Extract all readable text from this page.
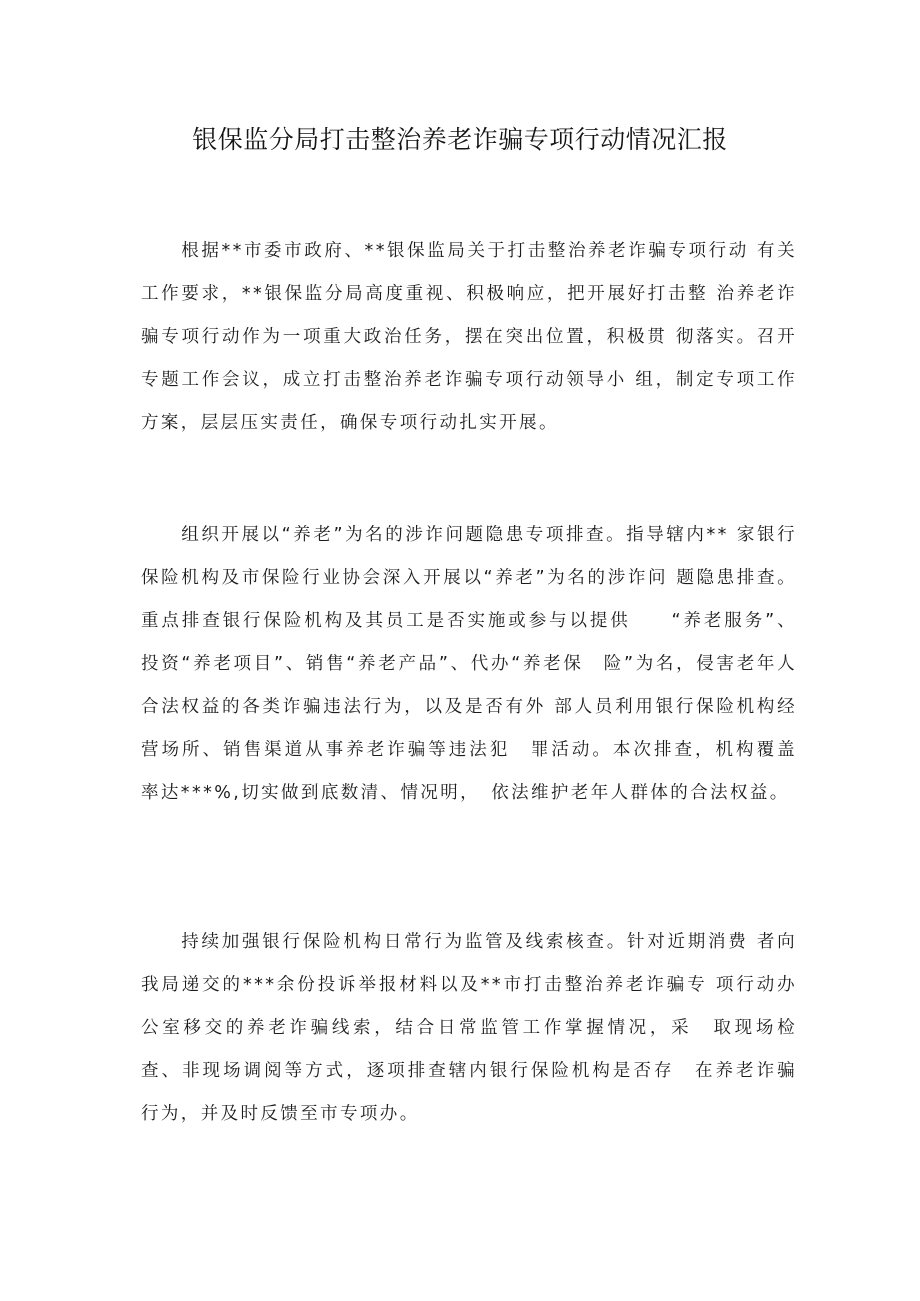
银保监分局打击整治养老诈骗专项行动情况汇报

根据**市委市政府、**银保监局关于打击整治养老诈骗专项行动 有关工作要求，**银保监分局高度重视、积极响应，把开展好打击整 治养老诈骗专项行动作为一项重大政治任务，摆在突出位置，积极贯 彻落实。召开专题工作会议，成立打击整治养老诈骗专项行动领导小 组，制定专项工作方案，层层压实责任，确保专项行动扎实开展。

组织开展以“养老”为名的涉诈问题隐患专项排查。指导辖内** 家银行保险机构及市保险行业协会深入开展以“养老”为名的涉诈问 题隐患排查。重点排查银行保险机构及其员工是否实施或参与以提供　　“养老服务”、投资“养老项目”、销售“养老产品”、代办“养老保　险”为名，侵害老年人合法权益的各类诈骗违法行为，以及是否有外 部人员利用银行保险机构经营场所、销售渠道从事养老诈骗等违法犯　罪活动。本次排查，机构覆盖率达***%,切实做到底数清、情况明，　依法维护老年人群体的合法权益。

持续加强银行保险机构日常行为监管及线索核查。针对近期消费 者向我局递交的***余份投诉举报材料以及**市打击整治养老诈骗专 项行动办公室移交的养老诈骗线索，结合日常监管工作掌握情况，采　取现场检查、非现场调阅等方式，逐项排查辖内银行保险机构是否存　在养老诈骗行为，并及时反馈至市专项办。
